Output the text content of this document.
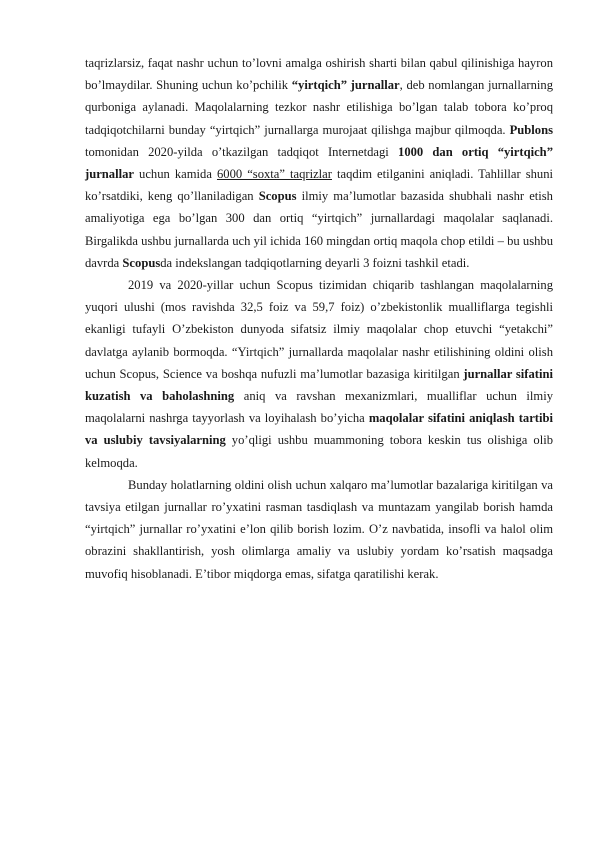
taqrizlarsiz, faqat nashr uchun to’lovni amalga oshirish sharti bilan qabul qilinishiga hayron bo’lmaydilar. Shuning uchun ko’pchilik “yirtqich” jurnallar, deb nomlangan jurnallarning qurboniga aylanadi. Maqolalarning tezkor nashr etilishiga bo’lgan talab tobora ko’proq tadqiqotchilarni bunday “yirtqich” jurnallarga murojaat qilishga majbur qilmoqda. Publons tomonidan 2020-yilda o’tkazilgan tadqiqot Internetdagi 1000 dan ortiq “yirtqich” jurnallar uchun kamida 6000 “soxta” taqrizlar taqdim etilganini aniqladi. Tahlillar shuni ko’rsatdiki, keng qo’llaniladigan Scopus ilmiy ma’lumotlar bazasida shubhali nashr etish amaliyotiga ega bo’lgan 300 dan ortiq “yirtqich” jurnallardagi maqolalar saqlanadi. Birgalikda ushbu jurnallarda uch yil ichida 160 mingdan ortiq maqola chop etildi – bu ushbu davrda Scopusda indekslangan tadqiqotlarning deyarli 3 foizni tashkil etadi.

2019 va 2020-yillar uchun Scopus tizimidan chiqarib tashlangan maqolalarning yuqori ulushi (mos ravishda 32,5 foiz va 59,7 foiz) o’zbekistonlik mualliflarga tegishli ekanligi tufayli O’zbekiston dunyoda sifatsiz ilmiy maqolalar chop etuvchi “yetakchi” davlatga aylanib bormoqda. “Yirtqich” jurnallarda maqolalar nashr etilishining oldini olish uchun Scopus, Science va boshqa nufuzli ma’lumotlar bazasiga kiritilgan jurnallar sifatini kuzatish va baholashning aniq va ravshan mexanizmlari, mualliflar uchun ilmiy maqolalarni nashrga tayyorlash va loyihalash bo’yicha maqolalar sifatini aniqlash tartibi va uslubiy tavsiyalarning yo’qligi ushbu muammoning tobora keskin tus olishiga olib kelmoqda.

Bunday holatlarning oldini olish uchun xalqaro ma’lumotlar bazalariga kiritilgan va tavsiya etilgan jurnallar ro’yxatini rasman tasdiqlash va muntazam yangilab borish hamda “yirtqich” jurnallar ro’yxatini e’lon qilib borish lozim. O’z navbatida, insofli va halol olim obrazini shakllantirish, yosh olimlarga amaliy va uslubiy yordam ko’rsatish maqsadga muvofiq hisoblanadi. E’tibor miqdorga emas, sifatga qaratilishi kerak.
